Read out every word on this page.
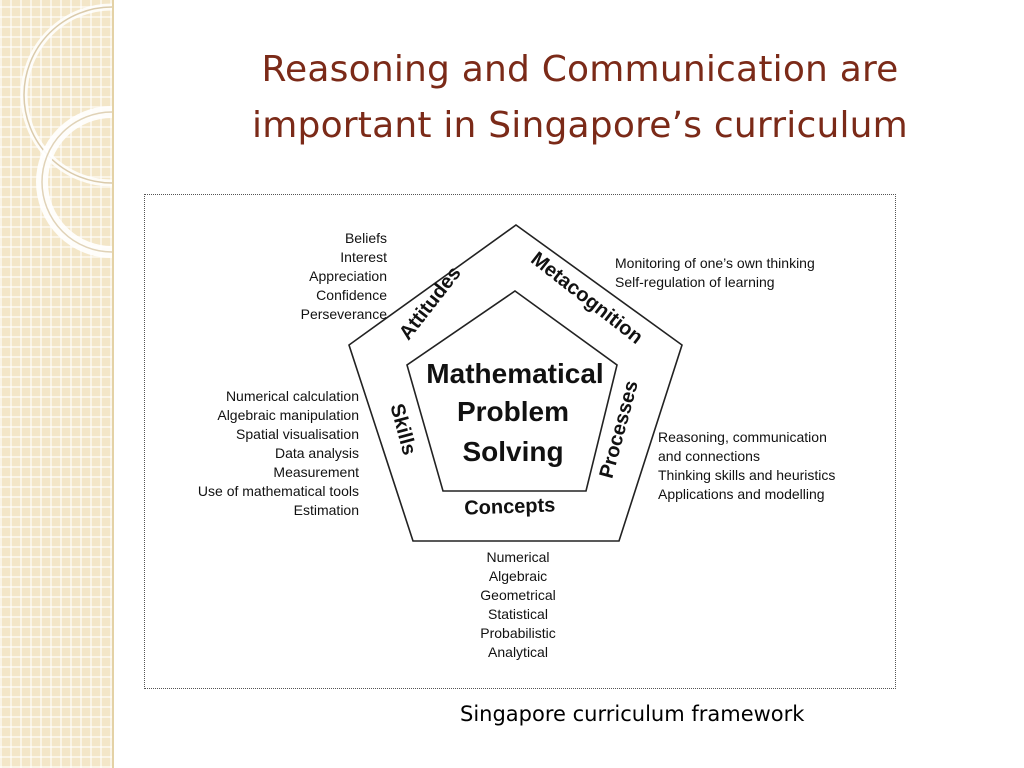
Reasoning and Communication are
important in Singapore’s curriculum
Mathematical
Problem
Solving
Attitudes	Metacognition
Processes
Concepts
Skills
Beliefs
Interest
Appreciation
Confidence
Perseverance
Monitoring of one’s own thinking
Self-regulation of learning
Numerical calculation
Algebraic manipulation
Spatial visualisation
Data analysis
Measurement
Use of mathematical tools
Estimation
Reasoning, communication
and connections
Thinking skills and heuristics
Applications and modelling
Numerical
Algebraic
Geometrical
Statistical
Probabilistic
Analytical
Singapore curriculum framework
